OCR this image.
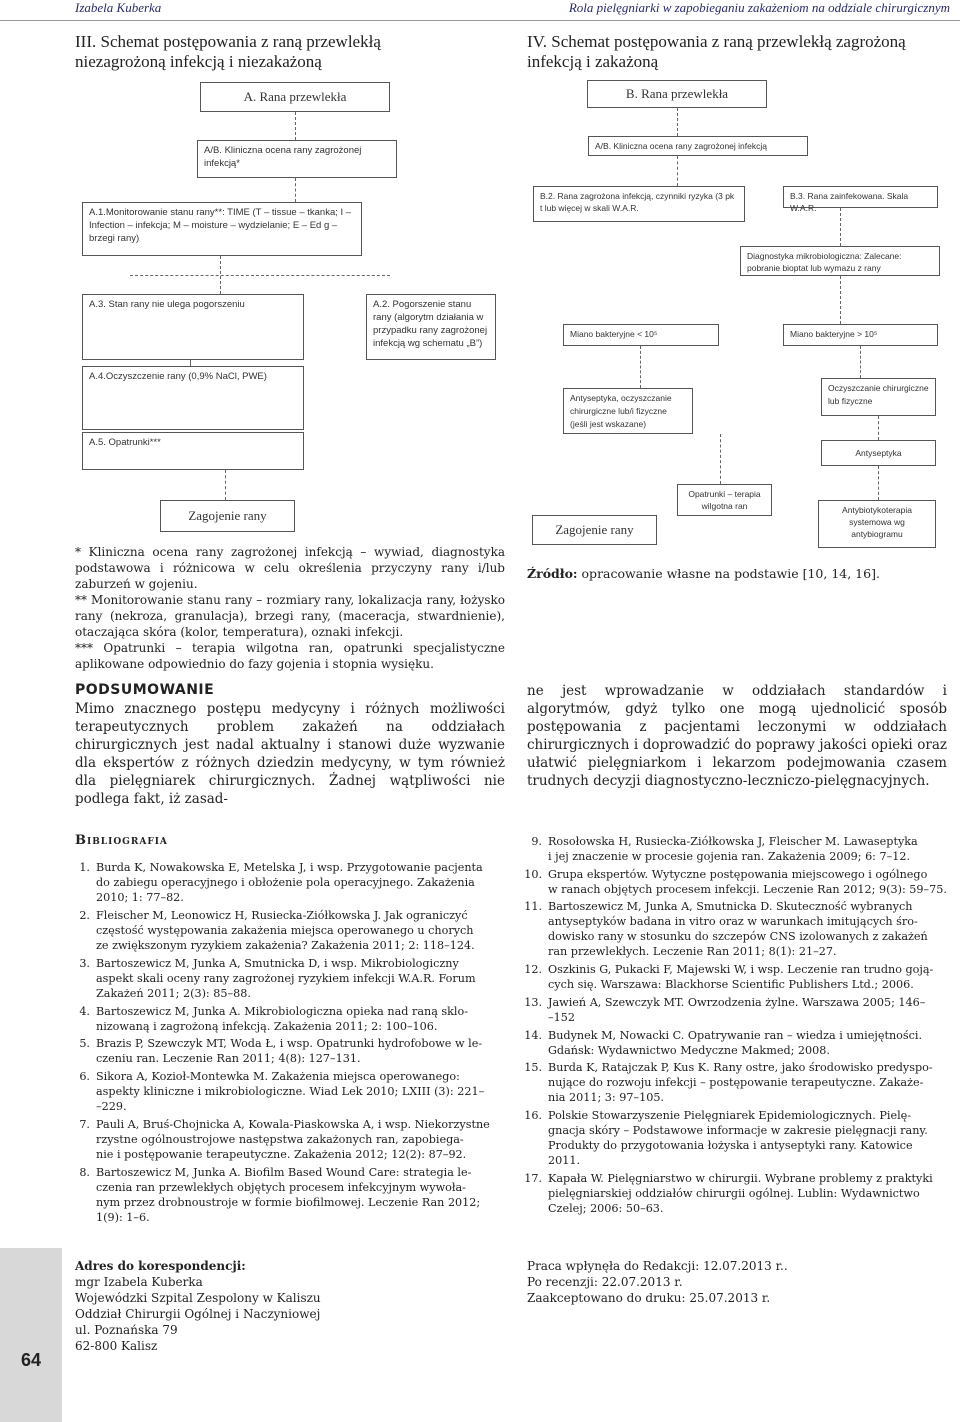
Izabela Kuberka	Rola pielęgniarki w zapobieganiu zakażeniom na oddziale chirurgicznym
III. Schemat postępowania z raną przewlekłą niezagrożoną infekcją i niezakażoną
IV. Schemat postępowania z raną przewlekłą zagrożoną infekcją i zakażoną
A. Rana przewlekła
A/B. Kliniczna ocena rany zagrożonej infekcją*
A.1.Monitorowanie stanu rany**: TIME (T – tissue – tkanka; I – Infection – infekcja; M – moisture – wydzielanie; E – Ed g – brzegi rany)
A.3. Stan rany nie ulega pogorszeniu	A.2. Pogorszenie stanu rany (algorytm działania w przypadku rany zagrożonej infekcją wg schematu „B”)
A.4.Oczyszczenie rany (0,9% NaCl, PWE)
A.5. Opatrunki***
Zagojenie rany
B. Rana przewlekła
A/B. Kliniczna ocena rany zagrożonej infekcją
B.2. Rana zagrożona infekcją, czynniki ryzyka (3 pk t lub więcej w skali W.A.R.
B.3. Rana zainfekowana. Skala W.A.R.
Diagnostyka mikrobiologiczna: Zalecane: pobranie bioptat lub wymazu z rany
Miano bakteryjne < 10⁵	Miano bakteryjne > 10⁵
Antyseptyka, oczyszczanie chirurgiczne lub/i fizyczne (jeśli jest wskazane)
Oczyszczanie chirurgiczne lub fizyczne
Antyseptyka
Opatrunki – terapia wilgotna ran
Zagojenie rany
Antybiotykoterapia systemowa wg antybiogramu
* Kliniczna ocena rany zagrożonej infekcją – wywiad, diagnostyka podstawowa i różnicowa w celu określenia przyczyny rany i/lub zaburzeń w gojeniu.
** Monitorowanie stanu rany – rozmiary rany, lokalizacja rany, łożysko rany (nekroza, granulacja), brzegi rany, (maceracja, stwardnienie), otaczająca skóra (kolor, temperatura), oznaki infekcji.
*** Opatrunki – terapia wilgotna ran, opatrunki specjalistyczne aplikowane odpowiednio do fazy gojenia i stopnia wysięku.
Źródło: opracowanie własne na podstawie [10, 14, 16].
PODSUMOWANIE
Mimo znacznego postępu medycyny i różnych możliwości terapeutycznych problem zakażeń na oddziałach chirurgicznych jest nadal aktualny i stanowi duże wyzwanie dla ekspertów z różnych dziedzin medycyny, w tym również dla pielęgniarek chirurgicznych. Żadnej wątpliwości nie podlega fakt, iż zasad-
ne jest wprowadzanie w oddziałach standardów i algorytmów, gdyż tylko one mogą ujednolicić sposób postępowania z pacjentami leczonymi w oddziałach chirurgicznych i doprowadzić do poprawy jakości opieki oraz ułatwić pielęgniarkom i lekarzom podejmowania czasem trudnych decyzji diagnostyczno-leczniczo-pielęgnacyjnych.
Bibliografia
1. Burda K, Nowakowska E, Metelska J, i wsp. Przygotowanie pacjenta
do zabiegu operacyjnego i obłożenie pola operacyjnego. Zakażenia
2010; 1: 77–82.
2. Fleischer M, Leonowicz H, Rusiecka-Ziółkowska J. Jak ograniczyć
częstość występowania zakażenia miejsca operowanego u chorych
ze zwiększonym ryzykiem zakażenia? Zakażenia 2011; 2: 118–124.
3. Bartoszewicz M, Junka A, Smutnicka D, i wsp. Mikrobiologiczny
aspekt skali oceny rany zagrożonej ryzykiem infekcji W.A.R. Forum
Zakażeń 2011; 2(3): 85–88.
4. Bartoszewicz M, Junka A. Mikrobiologiczna opieka nad raną sklo-
nizowaną i zagrożoną infekcją. Zakażenia 2011; 2: 100–106.
5. Brazis P, Szewczyk MT, Woda Ł, i wsp. Opatrunki hydrofobowe w le-
czeniu ran. Leczenie Ran 2011; 4(8): 127–131.
6. Sikora A, Kozioł-Montewka M. Zakażenia miejsca operowanego:
aspekty kliniczne i mikrobiologiczne. Wiad Lek 2010; LXIII (3): 221–
–229.
7. Pauli A, Bruś-Chojnicka A, Kowala-Piaskowska A, i wsp. Niekorzystne
rzystne ogólnoustrojowe następstwa zakażonych ran, zapobiega-
nie i postępowanie terapeutyczne. Zakażenia 2012; 12(2): 87–92.
8. Bartoszewicz M, Junka A. Biofilm Based Wound Care: strategia le-
czenia ran przewlekłych objętych procesem infekcyjnym wywoła-
nym przez drobnoustroje w formie biofilmowej. Leczenie Ran 2012;
1(9): 1–6.
9. Rosołowska H, Rusiecka-Ziółkowska J, Fleischer M. Lawaseptyka
i jej znaczenie w procesie gojenia ran. Zakażenia 2009; 6: 7–12.
10. Grupa ekspertów. Wytyczne postępowania miejscowego i ogólnego
w ranach objętych procesem infekcji. Leczenie Ran 2012; 9(3): 59–75.
11. Bartoszewicz M, Junka A, Smutnicka D. Skuteczność wybranych
antyseptyków badana in vitro oraz w warunkach imitujących śro-
dowisko rany w stosunku do szczepów CNS izolowanych z zakażeń
ran przewlekłych. Leczenie Ran 2011; 8(1): 21–27.
12. Oszkinis G, Pukacki F, Majewski W, i wsp. Leczenie ran trudno goją-
cych się. Warszawa: Blackhorse Scientific Publishers Ltd.; 2006.
13. Jawień A, Szewczyk MT. Owrzodzenia żylne. Warszawa 2005; 146–
–152
14. Budynek M, Nowacki C. Opatrywanie ran – wiedza i umiejętności.
Gdańsk: Wydawnictwo Medyczne Makmed; 2008.
15. Burda K, Ratajczak P, Kus K. Rany ostre, jako środowisko predyspo-
nujące do rozwoju infekcji – postępowanie terapeutyczne. Zakaże-
nia 2011; 3: 97–105.
16. Polskie Stowarzyszenie Pielęgniarek Epidemiologicznych. Pielę-
gnacja skóry – Podstawowe informacje w zakresie pielęgnacji rany.
Produkty do przygotowania łożyska i antyseptyki rany. Katowice
2011.
17. Kapała W. Pielęgniarstwo w chirurgii. Wybrane problemy z praktyki
pielęgniarskiej oddziałów chirurgii ogólnej. Lublin: Wydawnictwo
Czelej; 2006: 50–63.
Adres do korespondencji:
mgr Izabela Kuberka
Wojewódzki Szpital Zespolony w Kaliszu
Oddział Chirurgii Ogólnej i Naczyniowej
ul. Poznańska 79
62-800 Kalisz
Praca wpłynęła do Redakcji: 12.07.2013 r..
Po recenzji: 22.07.2013 r.
Zaakceptowano do druku: 25.07.2013 r.
64
